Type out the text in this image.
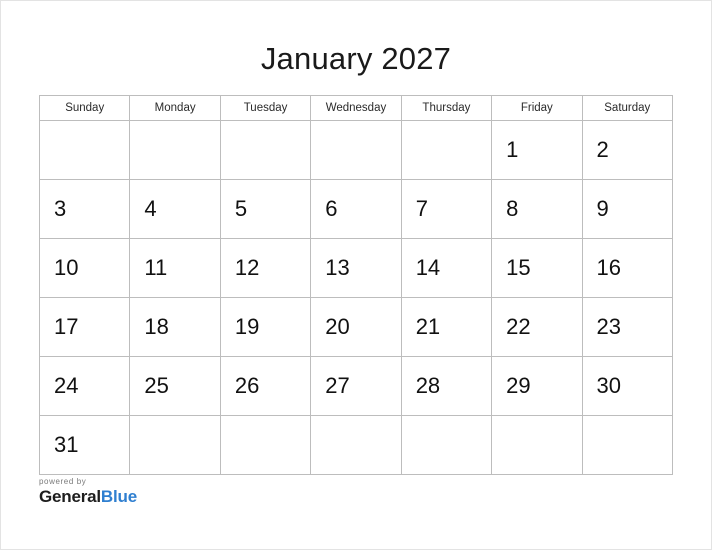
January 2027
Sunday	Monday	Tuesday	Wednesday	Thursday	Friday	Saturday
					1	2
3	4	5	6	7	8	9
10	11	12	13	14	15	16
17	18	19	20	21	22	23
24	25	26	27	28	29	30
31						
powered by
GeneralBlue
